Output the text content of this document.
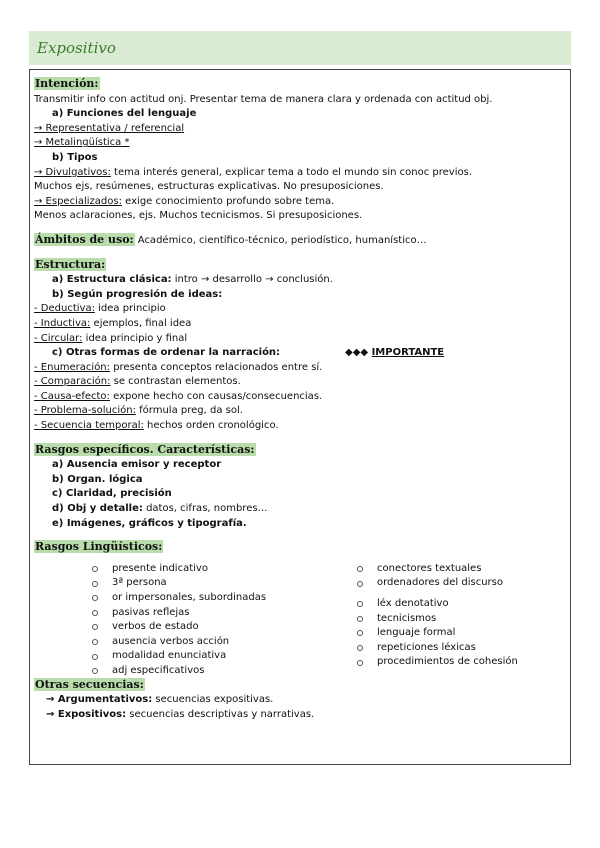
Expositivo
Intención:
Transmitir info con actitud onj. Presentar tema de manera clara y ordenada con actitud obj.
a) Funciones del lenguaje
→ Representativa / referencial
→ Metalingüística *
b) Tipos
→ Divulgativos: tema interés general, explicar tema a todo el mundo sin conoc previos.
Muchos ejs, resúmenes, estructuras explicativas. No presuposiciones.
→ Especializados: exige conocimiento profundo sobre tema.
Menos aclaraciones, ejs. Muchos tecnicismos. Si presuposiciones.
Ámbitos de uso: Académico, científico-técnico, periodístico, humanístico…
Estructura:
a) Estructura clásica: intro → desarrollo → conclusión.
b) Según progresión de ideas:
- Deductiva: idea principio
- Inductiva: ejemplos, final idea
- Circular: idea principio y final
c) Otras formas de ordenar la narración:	◆◆◆ IMPORTANTE
- Enumeración: presenta conceptos relacionados entre sí.
- Comparación: se contrastan elementos.
- Causa-efecto: expone hecho con causas/consecuencias.
- Problema-solución: fórmula preg, da sol.
- Secuencia temporal: hechos orden cronológico.
Rasgos específicos. Características:
a) Ausencia emisor y receptor
b) Organ. lógica
c) Claridad, precisión
d) Obj y detalle: datos, cifras, nombres…
e) Imágenes, gráficos y tipografía.
Rasgos Lingüísticos:
presente indicativo
3ª persona
or impersonales, subordinadas
pasivas reflejas
verbos de estado
ausencia verbos acción
modalidad enunciativa
adj especificativos
conectores textuales
ordenadores del discurso
léx denotativo
tecnicismos
lenguaje formal
repeticiones léxicas
procedimientos de cohesión
Otras secuencias:
→ Argumentativos: secuencias expositivas.
→ Expositivos: secuencias descriptivas y narrativas.
